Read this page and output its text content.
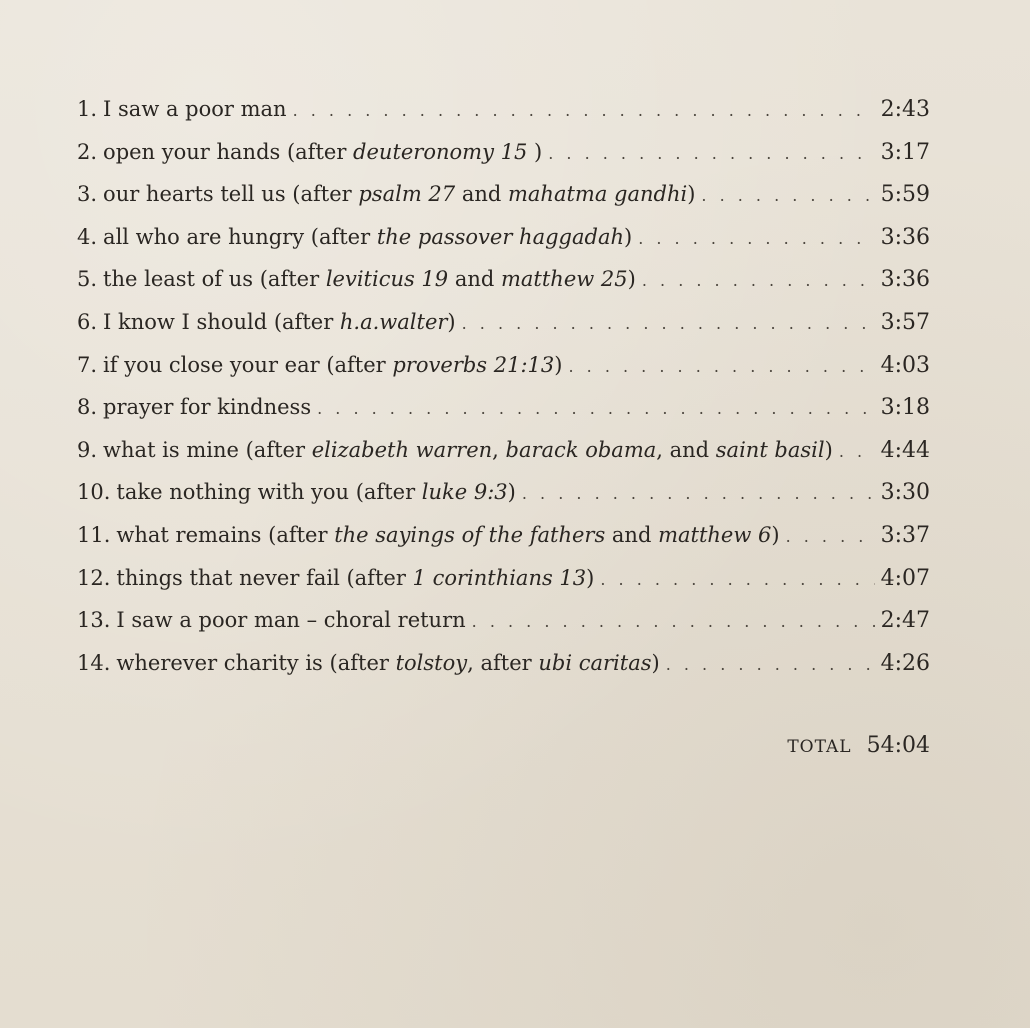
1. I saw a poor man . . .	2:43
2. open your hands (after deuteronomy 15 ) . . .	3:17
3. our hearts tell us (after psalm 27 and mahatma gandhi) . . .	5:59
4. all who are hungry (after the passover haggadah) . . .	3:36
5. the least of us (after leviticus 19 and matthew 25) . . .	3:36
6. I know I should (after h.a.walter) . . .	3:57
7. if you close your ear (after proverbs 21:13) . . .	4:03
8. prayer for kindness . . .	3:18
9. what is mine (after elizabeth warren, barack obama, and saint basil) . . . 4:44
10. take nothing with you (after luke 9:3) . . .	3:30
11. what remains (after the sayings of the fathers and matthew 6) . . .	3:37
12. things that never fail (after 1 corinthians 13) . . .	4:07
13. I saw a poor man – choral return . . .	2:47
14. wherever charity is (after tolstoy, after ubi caritas) . . .	4:26
TOTAL 54:04
